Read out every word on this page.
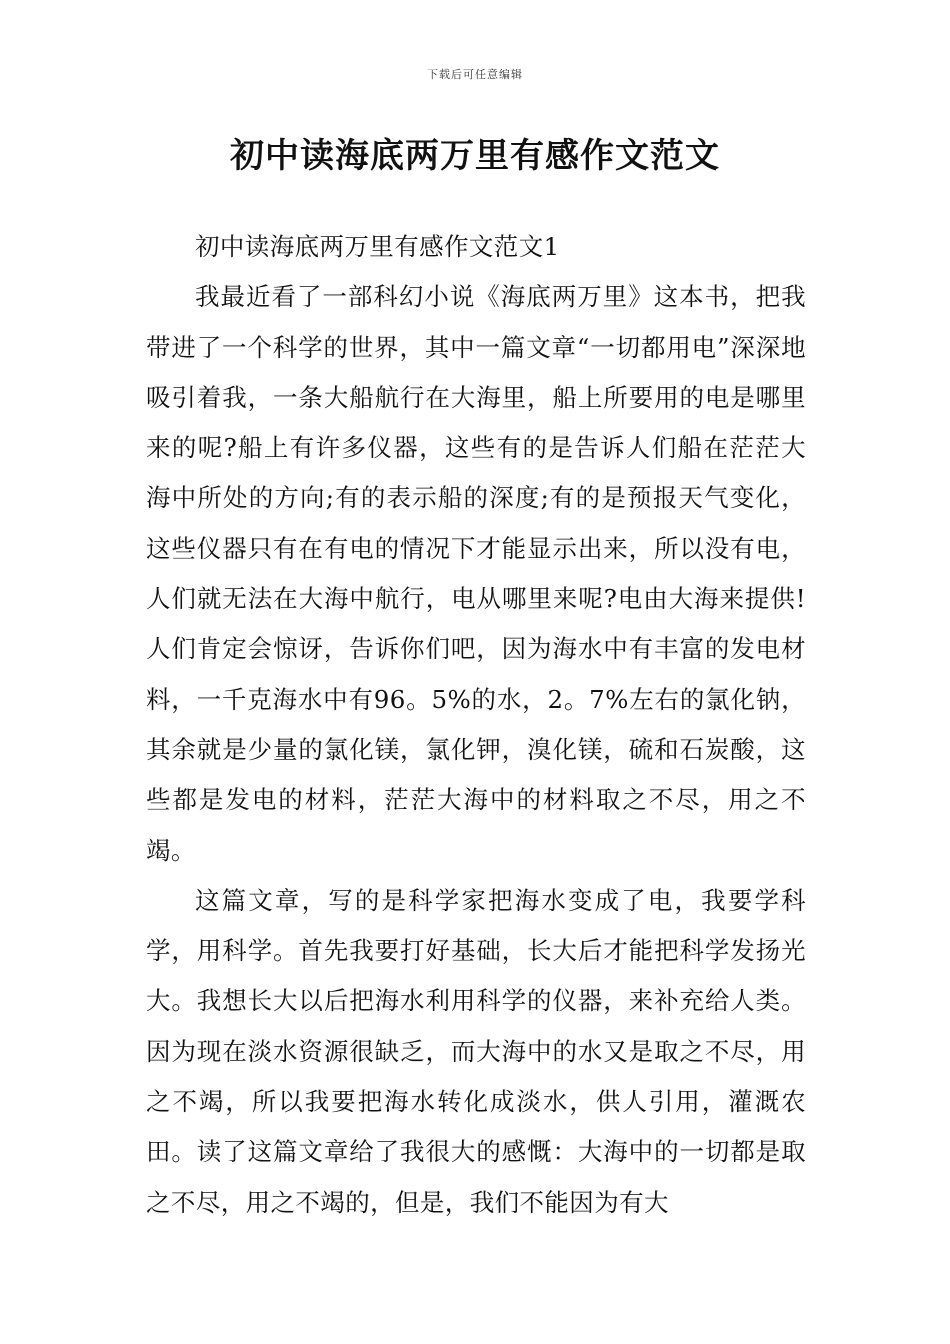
下载后可任意编辑
初中读海底两万里有感作文范文

初中读海底两万里有感作文范文1

我最近看了一部科幻小说《海底两万里》这本书，把我带进了一个科学的世界，其中一篇文章“一切都用电”深深地吸引着我，一条大船航行在大海里，船上所要用的电是哪里来的呢?船上有许多仪器，这些有的是告诉人们船在茫茫大海中所处的方向;有的表示船的深度;有的是预报天气变化，这些仪器只有在有电的情况下才能显示出来，所以没有电，人们就无法在大海中航行，电从哪里来呢?电由大海来提供!人们肯定会惊讶，告诉你们吧，因为海水中有丰富的发电材料，一千克海水中有96。5%的水，2。7%左右的氯化钠，其余就是少量的氯化镁，氯化钾，溴化镁，硫和石炭酸，这些都是发电的材料，茫茫大海中的材料取之不尽，用之不竭。

这篇文章，写的是科学家把海水变成了电，我要学科学，用科学。首先我要打好基础，长大后才能把科学发扬光大。我想长大以后把海水利用科学的仪器，来补充给人类。因为现在淡水资源很缺乏，而大海中的水又是取之不尽，用之不竭，所以我要把海水转化成淡水，供人引用，灌溉农田。读了这篇文章给了我很大的感慨：大海中的一切都是取之不尽，用之不竭的，但是，我们不能因为有大
